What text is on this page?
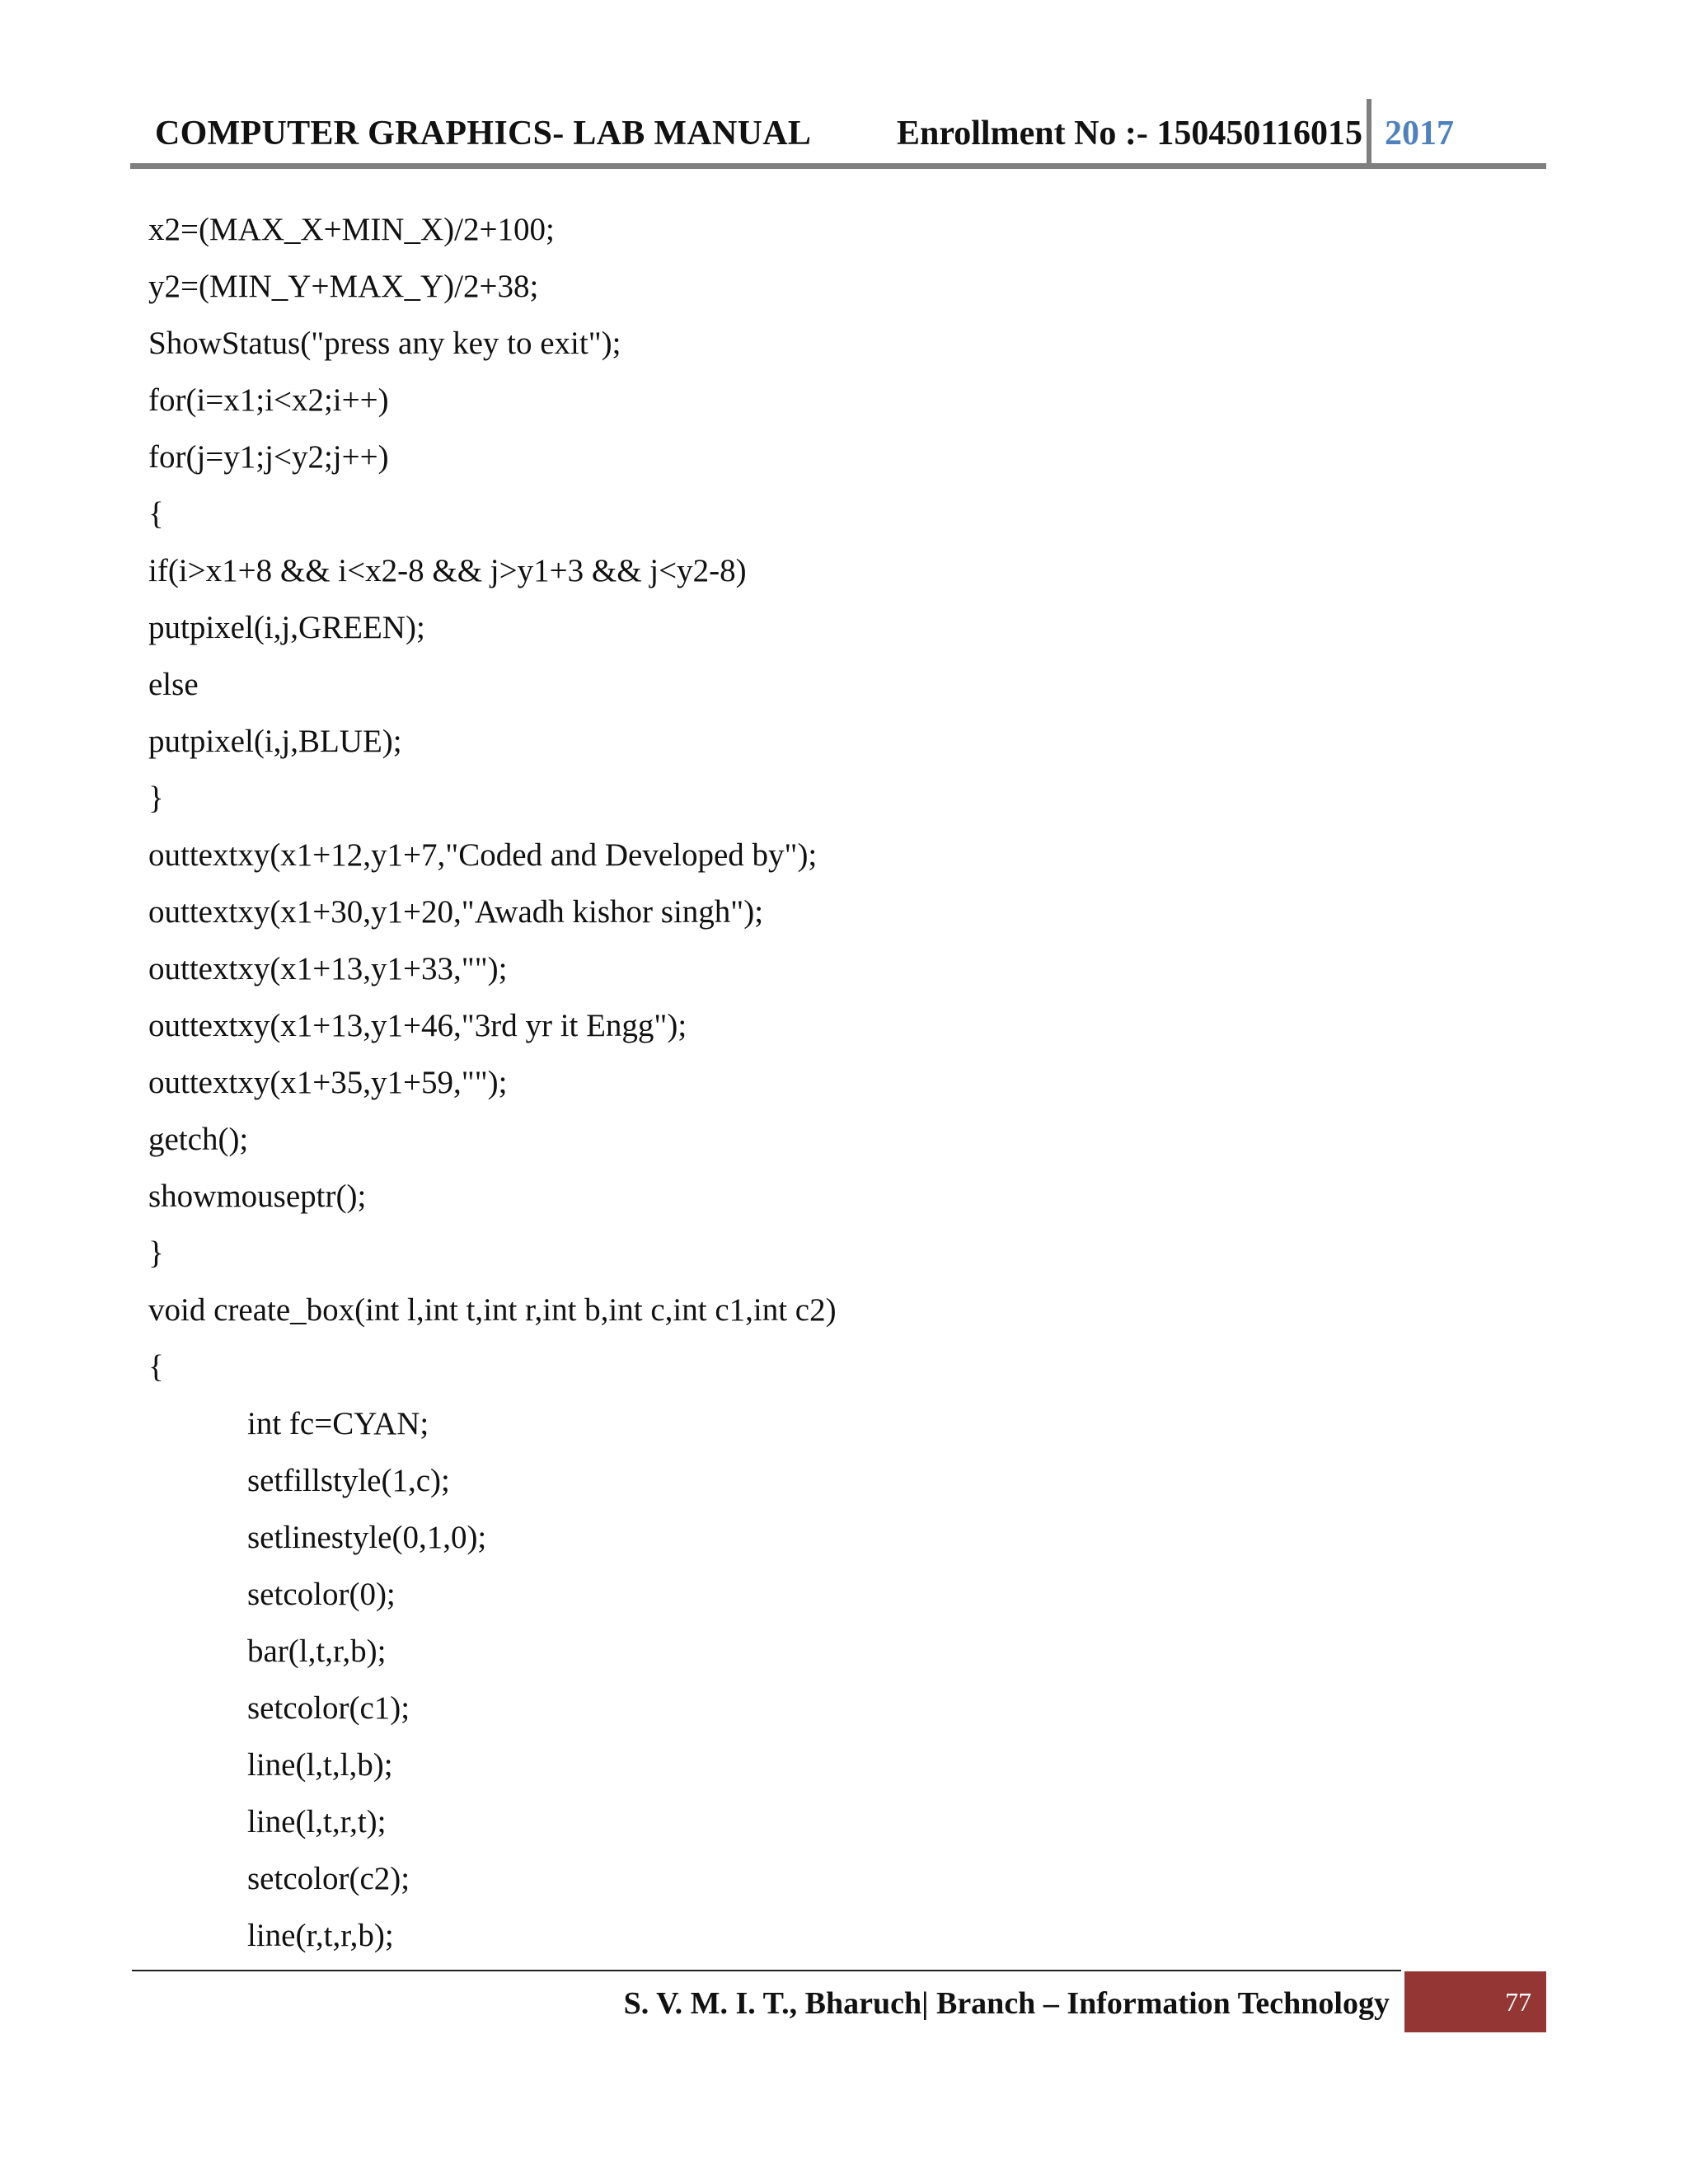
COMPUTER GRAPHICS- LAB MANUAL Enrollment No :- 150450116015 2017
x2=(MAX_X+MIN_X)/2+100;
y2=(MIN_Y+MAX_Y)/2+38;
ShowStatus("press any key to exit");
for(i=x1;i<x2;i++)
for(j=y1;j<y2;j++)
{
if(i>x1+8 && i<x2-8 && j>y1+3 && j<y2-8)
putpixel(i,j,GREEN);
else
putpixel(i,j,BLUE);
}
outtextxy(x1+12,y1+7,"Coded and Developed by");
outtextxy(x1+30,y1+20,"Awadh kishor singh");
outtextxy(x1+13,y1+33,"");
outtextxy(x1+13,y1+46,"3rd yr it Engg");
outtextxy(x1+35,y1+59,"");
getch();
showmouseptr();
}
void create_box(int l,int t,int r,int b,int c,int c1,int c2)
{
int fc=CYAN;
setfillstyle(1,c);
setlinestyle(0,1,0);
setcolor(0);
bar(l,t,r,b);
setcolor(c1);
line(l,t,l,b);
line(l,t,r,t);
setcolor(c2);
line(r,t,r,b);
S. V. M. I. T., Bharuch| Branch – Information Technology	77
